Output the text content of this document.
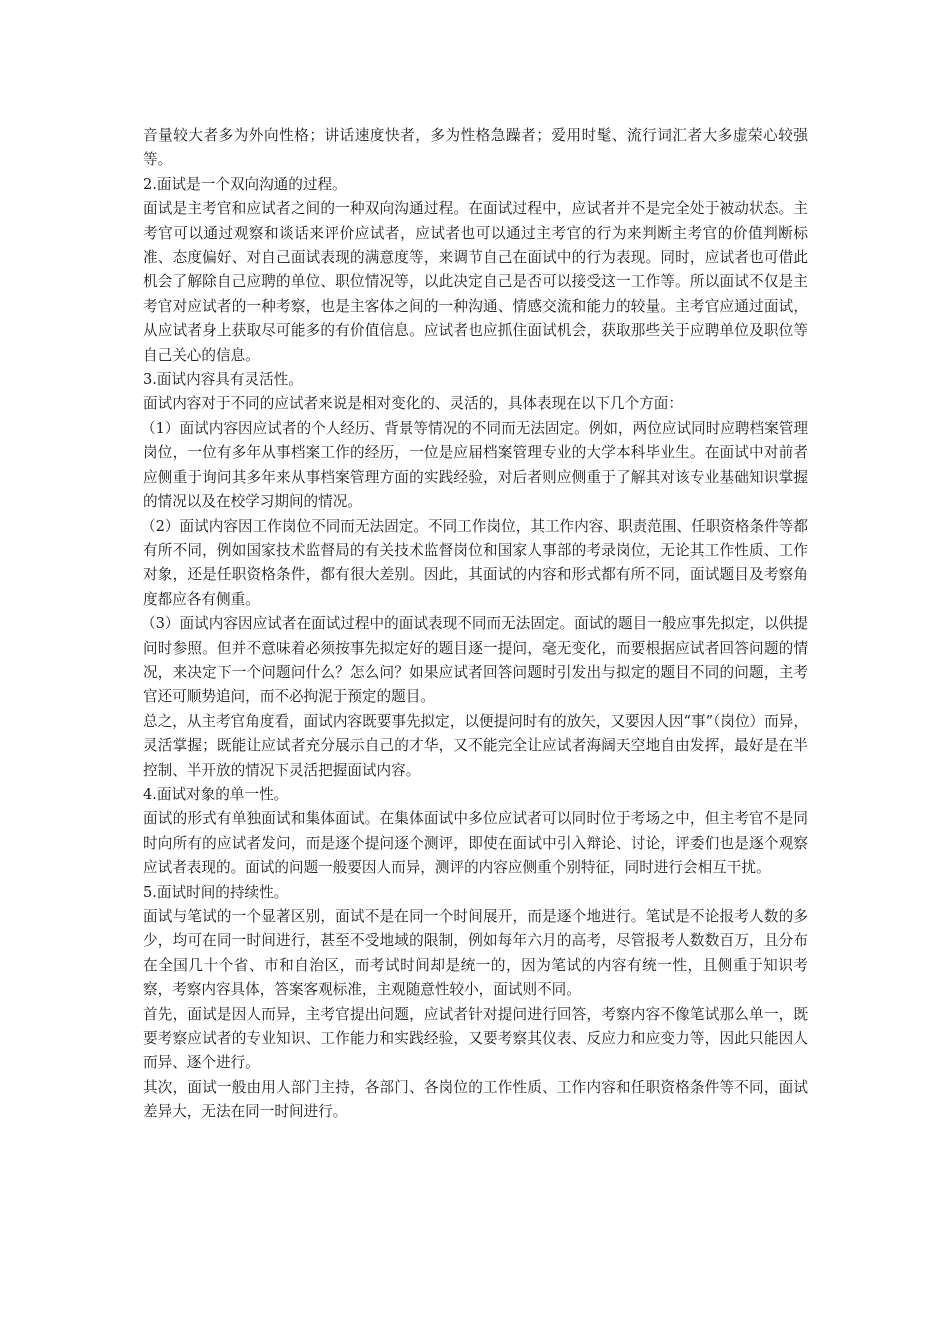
音量较大者多为外向性格；讲话速度快者，多为性格急躁者；爱用时髦、流行词汇者大多虚荣心较强等。

2.面试是一个双向沟通的过程。

面试是主考官和应试者之间的一种双向沟通过程。在面试过程中，应试者并不是完全处于被动状态。主考官可以通过观察和谈话来评价应试者，应试者也可以通过主考官的行为来判断主考官的价值判断标准、态度偏好、对自己面试表现的满意度等，来调节自己在面试中的行为表现。同时，应试者也可借此机会了解除自己应聘的单位、职位情况等，以此决定自己是否可以接受这一工作等。所以面试不仅是主考官对应试者的一种考察，也是主客体之间的一种沟通、情感交流和能力的较量。主考官应通过面试，从应试者身上获取尽可能多的有价值信息。应试者也应抓住面试机会，获取那些关于应聘单位及职位等自己关心的信息。

3.面试内容具有灵活性。

面试内容对于不同的应试者来说是相对变化的、灵活的，具体表现在以下几个方面：

（1）面试内容因应试者的个人经历、背景等情况的不同而无法固定。例如，两位应试同时应聘档案管理岗位，一位有多年从事档案工作的经历，一位是应届档案管理专业的大学本科毕业生。在面试中对前者应侧重于询问其多年来从事档案管理方面的实践经验，对后者则应侧重于了解其对该专业基础知识掌握的情况以及在校学习期间的情况。

（2）面试内容因工作岗位不同而无法固定。不同工作岗位，其工作内容、职责范围、任职资格条件等都有所不同，例如国家技术监督局的有关技术监督岗位和国家人事部的考录岗位，无论其工作性质、工作对象，还是任职资格条件，都有很大差别。因此，其面试的内容和形式都有所不同，面试题目及考察角度都应各有侧重。

（3）面试内容因应试者在面试过程中的面试表现不同而无法固定。面试的题目一般应事先拟定，以供提问时参照。但并不意味着必须按事先拟定好的题目逐一提问，毫无变化，而要根据应试者回答问题的情况，来决定下一个问题问什么？怎么问？如果应试者回答问题时引发出与拟定的题目不同的问题，主考官还可顺势追问，而不必拘泥于预定的题目。

总之，从主考官角度看，面试内容既要事先拟定，以便提问时有的放矢，又要因人因“事”（岗位）而异，灵活掌握；既能让应试者充分展示自己的才华，又不能完全让应试者海阔天空地自由发挥，最好是在半控制、半开放的情况下灵活把握面试内容。

4.面试对象的单一性。

面试的形式有单独面试和集体面试。在集体面试中多位应试者可以同时位于考场之中，但主考官不是同时向所有的应试者发问，而是逐个提问逐个测评，即使在面试中引入辩论、讨论，评委们也是逐个观察应试者表现的。面试的问题一般要因人而异，测评的内容应侧重个别特征，同时进行会相互干扰。

5.面试时间的持续性。

面试与笔试的一个显著区别，面试不是在同一个时间展开，而是逐个地进行。笔试是不论报考人数的多少，均可在同一时间进行，甚至不受地域的限制，例如每年六月的高考，尽管报考人数数百万，且分布在全国几十个省、市和自治区，而考试时间却是统一的，因为笔试的内容有统一性，且侧重于知识考察，考察内容具体，答案客观标准，主观随意性较小，面试则不同。

首先，面试是因人而异，主考官提出问题，应试者针对提问进行回答，考察内容不像笔试那么单一，既要考察应试者的专业知识、工作能力和实践经验，又要考察其仪表、反应力和应变力等，因此只能因人而异、逐个进行。

其次，面试一般由用人部门主持，各部门、各岗位的工作性质、工作内容和任职资格条件等不同，面试差异大，无法在同一时间进行。
